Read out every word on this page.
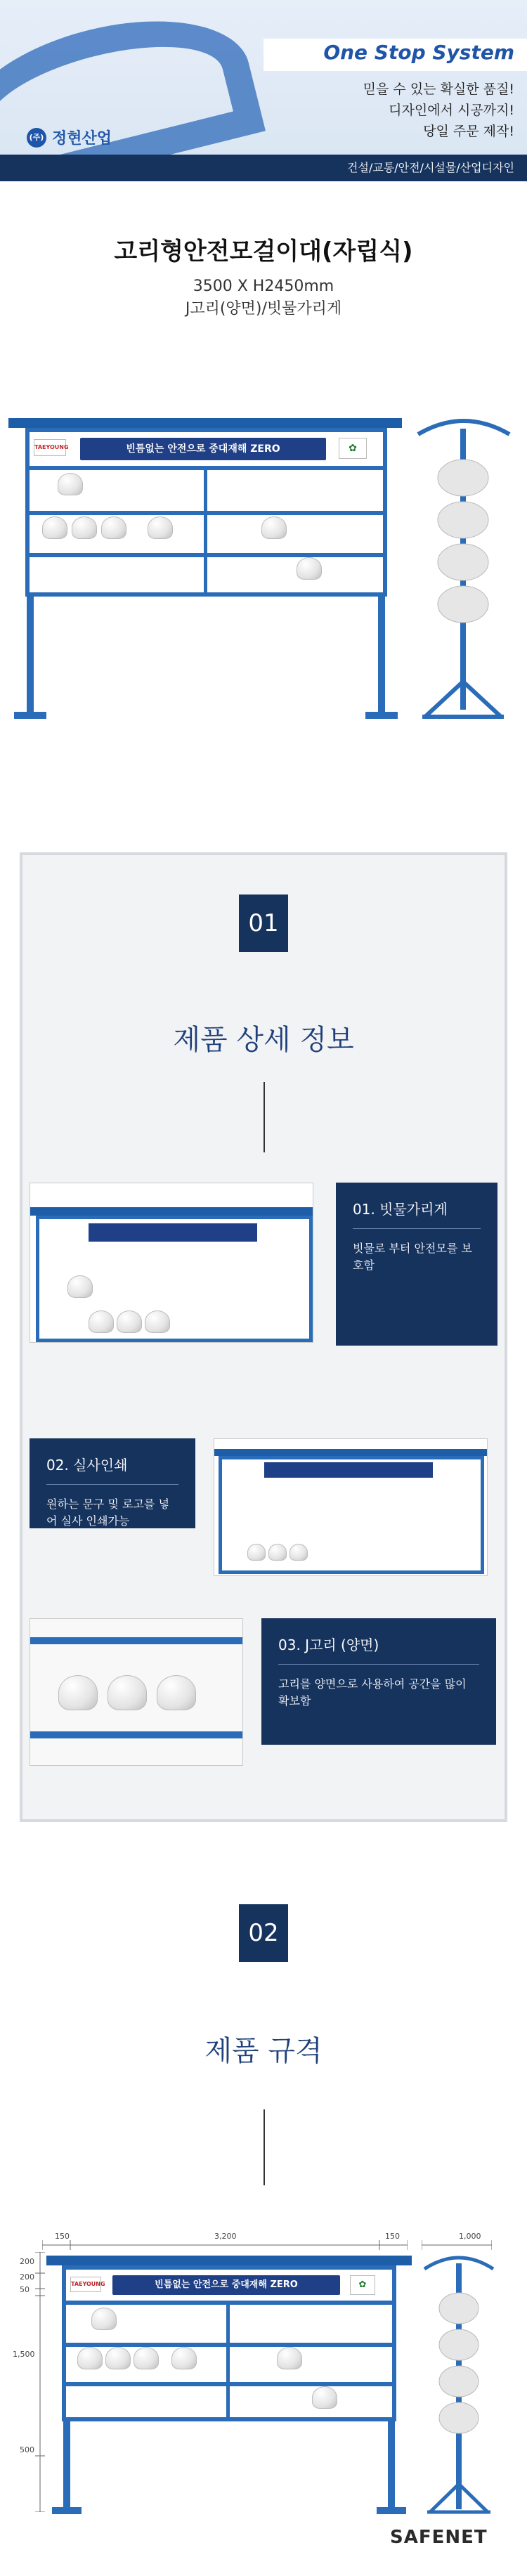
One Stop System
믿을 수 있는 확실한 품질!
디자인에서 시공까지!
당일 주문 제작!
(주) 정현산업
건설/교통/안전/시설물/산업디자인
고리형안전모걸이대(자립식)
3500 X H2450mm
J고리(양면)/빗물가리게
TAEYOUNG	빈틈없는 안전으로 중대재해 ZERO	✿
01
제품 상세 정보
01. 빗물가리게
빗물로 부터 안전모를 보호함
02. 실사인쇄
원하는 문구 및 로고를 넣어 실사 인쇄가능
03. J고리 (양면)
고리를 양면으로 사용하여 공간을 많이 확보함
02
제품 규격
150	3,200	150	1,000
200
200
50
1,500
500
TAEYOUNG	빈틈없는 안전으로 중대재해 ZERO	✿
SAFENET
